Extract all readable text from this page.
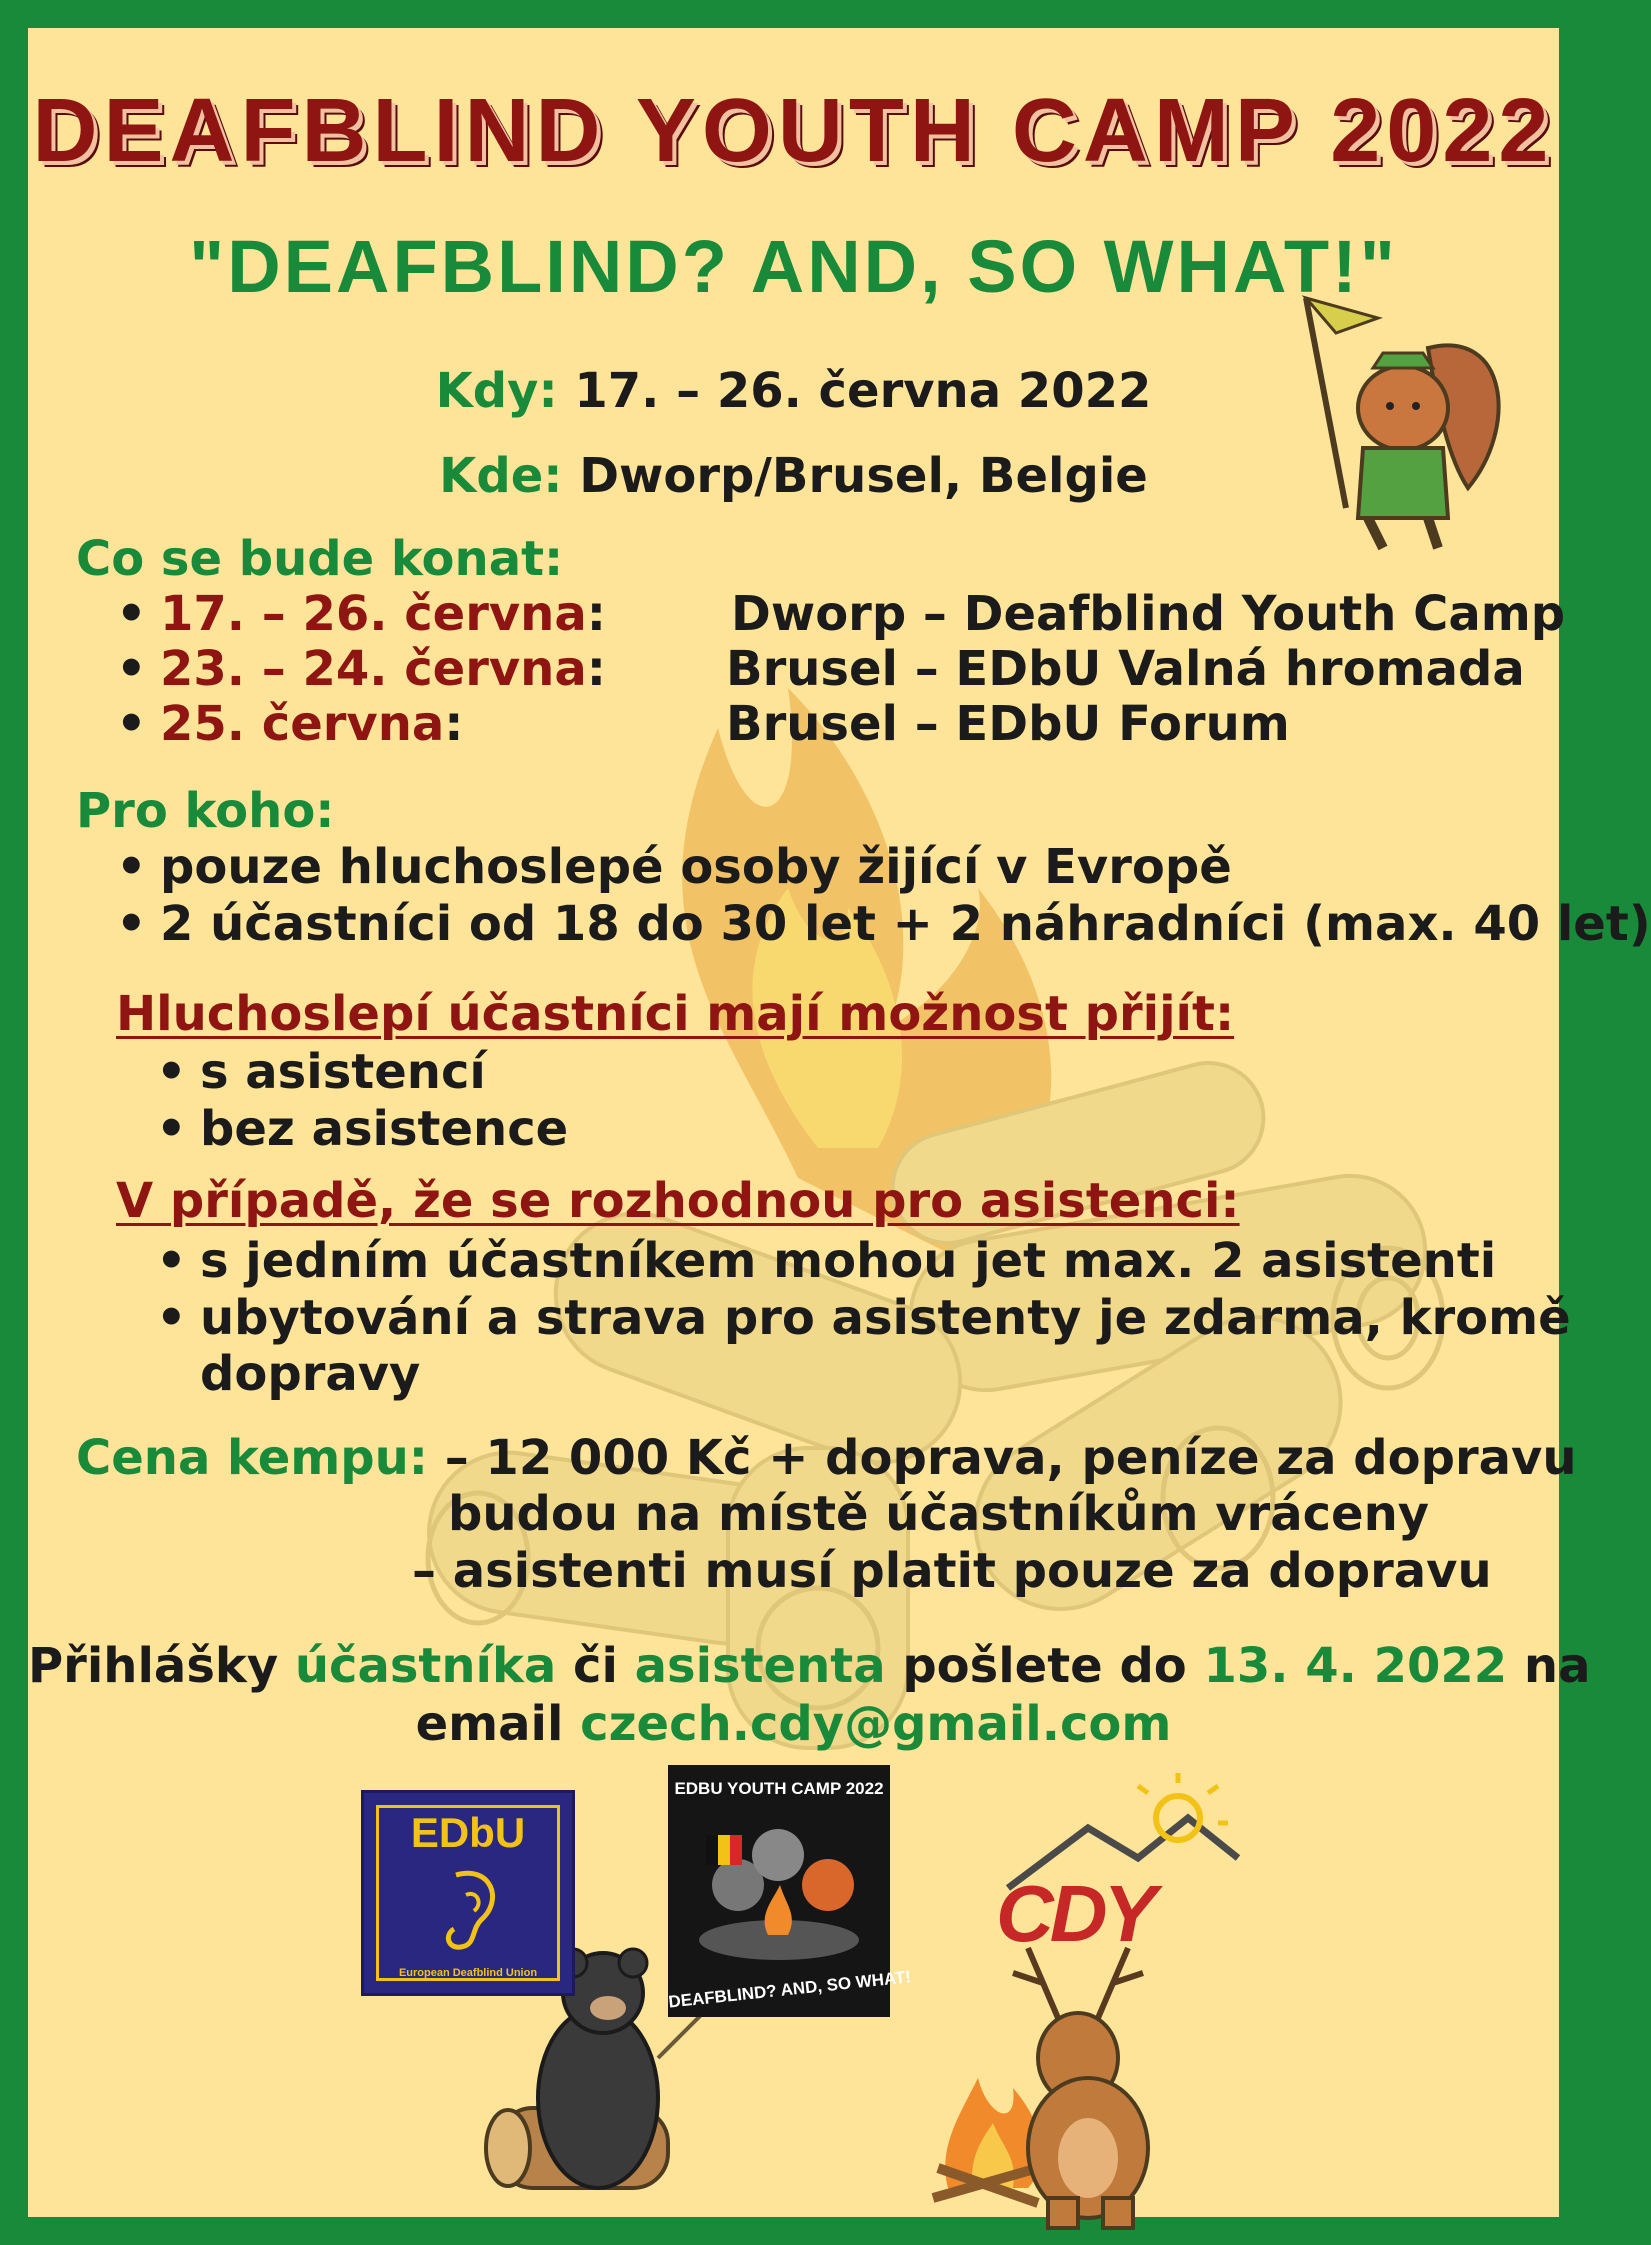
DEAFBLIND YOUTH CAMP 2022
"DEAFBLIND? AND, SO WHAT!"
Kdy: 17. – 26. června 2022
Kde: Dworp/Brusel, Belgie
Co se bude konat:
• 17. – 26. června:	Dworp – Deafblind Youth Camp
• 23. – 24. června:	Brusel – EDbU Valná hromada
• 25. června:	Brusel – EDbU Forum
Pro koho:
• pouze hluchoslepé osoby žijící v Evropě
• 2 účastníci od 18 do 30 let + 2 náhradníci (max. 40 let)
Hluchoslepí účastníci mají možnost přijít:
• s asistencí
• bez asistence
V případě, že se rozhodnou pro asistenci:
• s jedním účastníkem mohou jet max. 2 asistenti
• ubytování a strava pro asistenty je zdarma, kromě
dopravy
Cena kempu: – 12 000 Kč + doprava, peníze za dopravu
budou na místě účastníkům vráceny
– asistenti musí platit pouze za dopravu
Přihlášky účastníka či asistenta pošlete do 13. 4. 2022 na
email czech.cdy@gmail.com
EDbU
European Deafblind Union
EDBU YOUTH CAMP 2022
DEAFBLIND? AND, SO WHAT!
CDY
